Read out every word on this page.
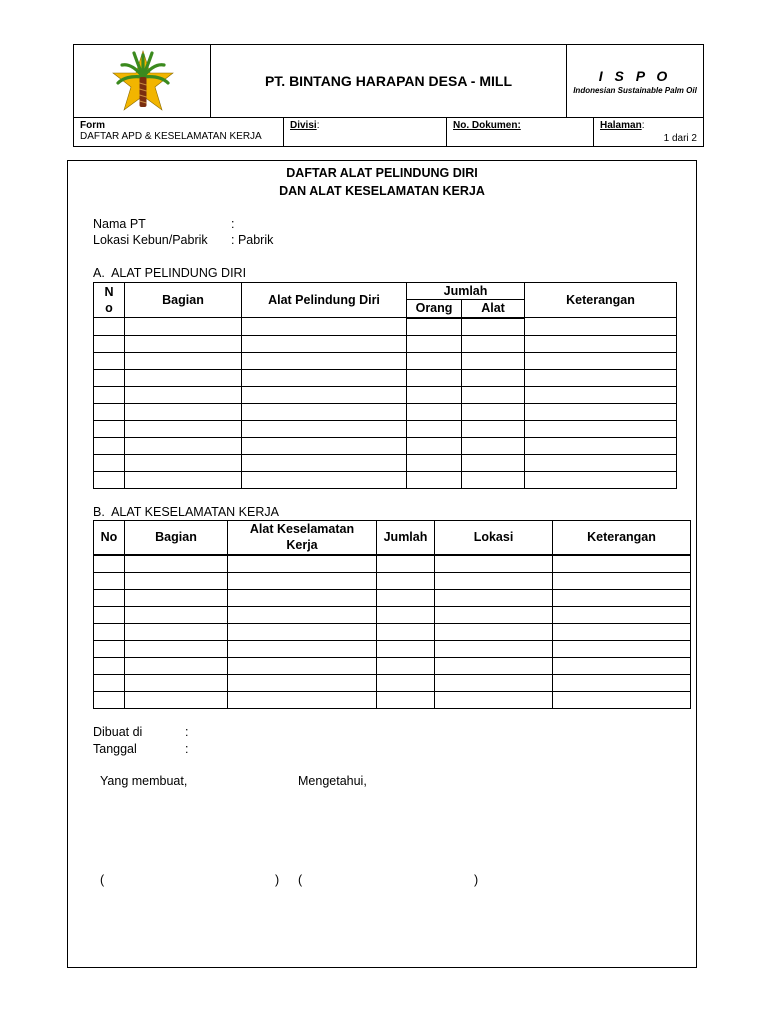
PT. BINTANG HARAPAN DESA - MILL	I S P O
Indonesian Sustainable Palm Oil
Form
DAFTAR APD & KESELAMATAN KERJA
Divisi:	No. Dokumen:	Halaman:
1 dari 2
DAFTAR ALAT PELINDUNG DIRI
DAN ALAT KESELAMATAN KERJA
Nama PT	:
Lokasi Kebun/Pabrik : Pabrik
A.  ALAT PELINDUNG DIRI
N o	Bagian	Alat Pelindung Diri	Jumlah		Keterangan
			Orang	Alat	

B.  ALAT KESELAMATAN KERJA
No	Bagian	Alat Keselamatan Kerja	Jumlah	Lokasi	Keterangan

Dibuat di	:
Tanggal	:
Yang membuat,	Mengetahui,
(	) (	)
